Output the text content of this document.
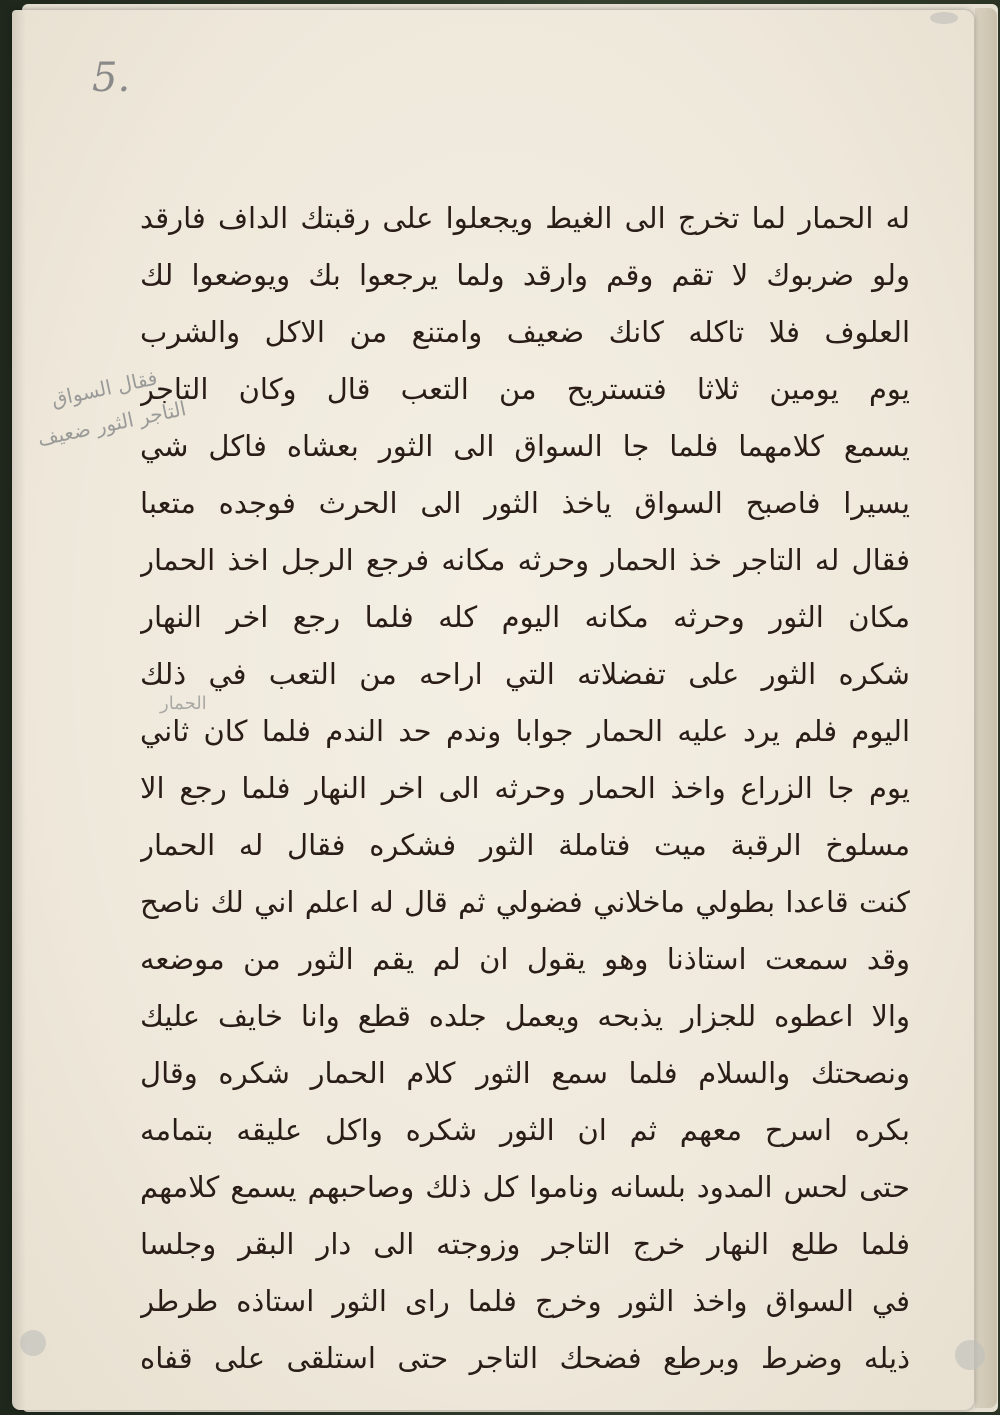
5.
فقال السواق التاجر الثور ضعيف
الحمار
له الحمار لما تخرج الى الغيط ويجعلوا على رقبتك الداف فارقد
ولو ضربوك لا تقم وقم وارقد ولما يرجعوا بك ويوضعوا لك
العلوف فلا تاكله كانك ضعيف وامتنع من الاكل والشرب
يوم يومين ثلاثا فتستريح من التعب قال وكان التاجر
يسمع كلامهما فلما جا السواق الى الثور بعشاه فاكل شي
يسيرا فاصبح السواق ياخذ الثور الى الحرث فوجده متعبا
فقال له التاجر خذ الحمار وحرثه مكانه فرجع الرجل اخذ الحمار
مكان الثور وحرثه مكانه اليوم كله فلما رجع اخر النهار
شكره الثور على تفضلاته التي اراحه من التعب في ذلك
اليوم فلم يرد عليه الحمار جوابا وندم حد الندم فلما كان ثاني
يوم جا الزراع واخذ الحمار وحرثه الى اخر النهار فلما رجع الا
مسلوخ الرقبة ميت فتاملة الثور فشكره فقال له الحمار
كنت قاعدا بطولي ماخلاني فضولي ثم قال له اعلم اني لك ناصح
وقد سمعت استاذنا وهو يقول ان لم يقم الثور من موضعه
والا اعطوه للجزار يذبحه ويعمل جلده قطع وانا خايف عليك
ونصحتك والسلام فلما سمع الثور كلام الحمار شكره وقال
بكره اسرح معهم ثم ان الثور شكره واكل عليقه بتمامه
حتى لحس المدود بلسانه وناموا كل ذلك وصاحبهم يسمع كلامهم
فلما طلع النهار خرج التاجر وزوجته الى دار البقر وجلسا
في السواق واخذ الثور وخرج فلما راى الثور استاذه طرطر
ذيله وضرط وبرطع فضحك التاجر حتى استلقى على قفاه
